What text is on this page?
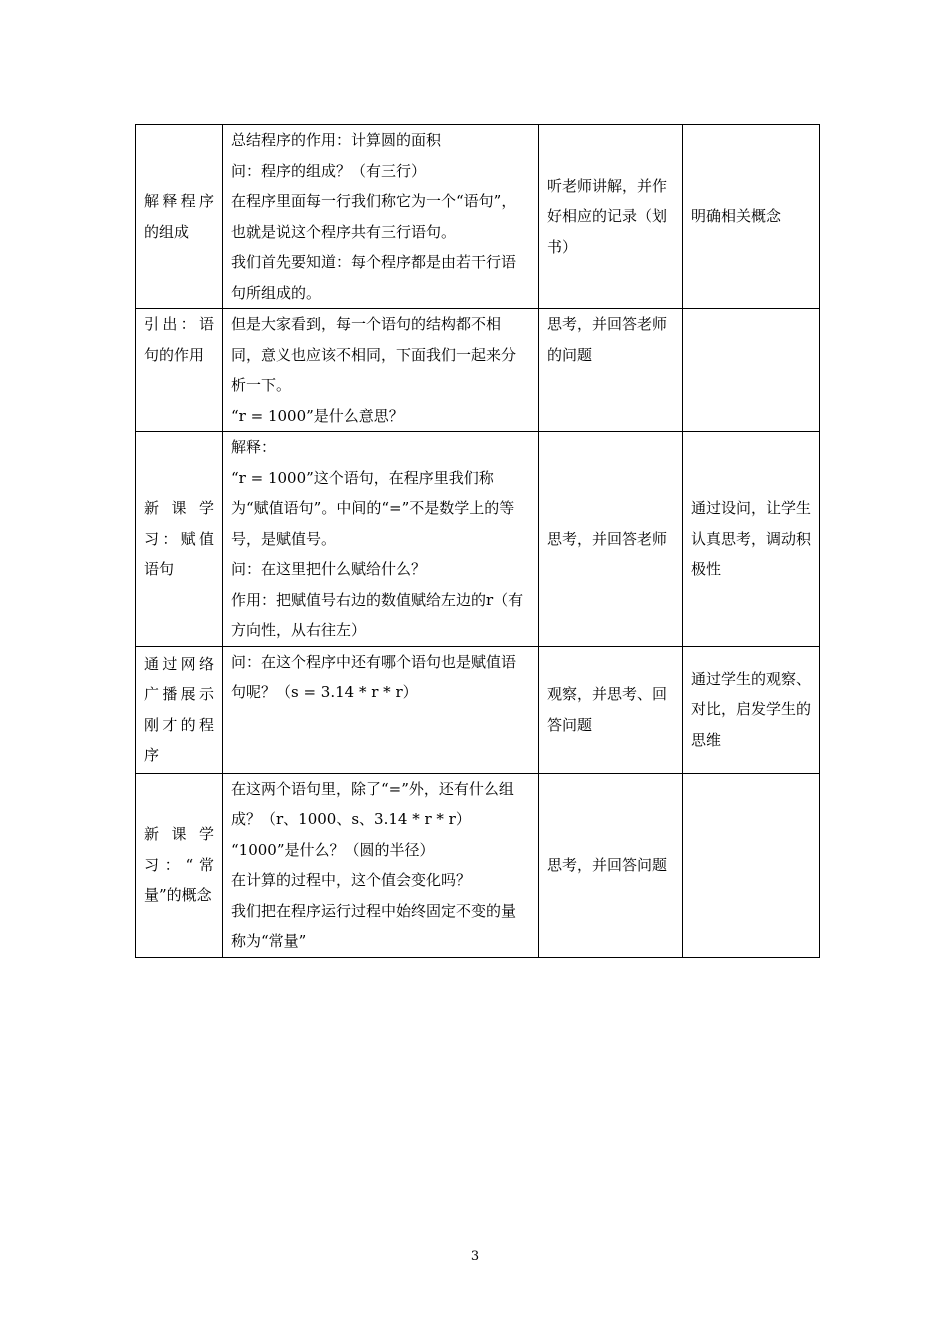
解释程序的组成	总结程序的作用：计算圆的面积
问：程序的组成？（有三行）
在程序里面每一行我们称它为一个“语句”，也就是说这个程序共有三行语句。
我们首先要知道：每个程序都是由若干行语句所组成的。	听老师讲解，并作好相应的记录（划书）	明确相关概念
引出：语句的作用	但是大家看到，每一个语句的结构都不相同，意义也应该不相同，下面我们一起来分析一下。
“r = 1000”是什么意思？	思考，并回答老师的问题	
新课学习：赋值语句	解释：
“r = 1000”这个语句，在程序里我们称为“赋值语句”。中间的“=”不是数学上的等号，是赋值号。
问：在这里把什么赋给什么？
作用：把赋值号右边的数值赋给左边的r（有方向性，从右往左）	思考，并回答老师	通过设问，让学生认真思考，调动积极性
通过网络广播展示刚才的程序	问：在这个程序中还有哪个语句也是赋值语句呢？（s = 3.14 * r * r）	观察，并思考、回答问题	通过学生的观察、对比，启发学生的思维
新课学习：“常量”的概念	在这两个语句里，除了“=”外，还有什么组成？（r、1000、s、3.14 * r * r）
“1000”是什么？（圆的半径）
在计算的过程中，这个值会变化吗？
我们把在程序运行过程中始终固定不变的量称为“常量”	思考，并回答问题	
3
